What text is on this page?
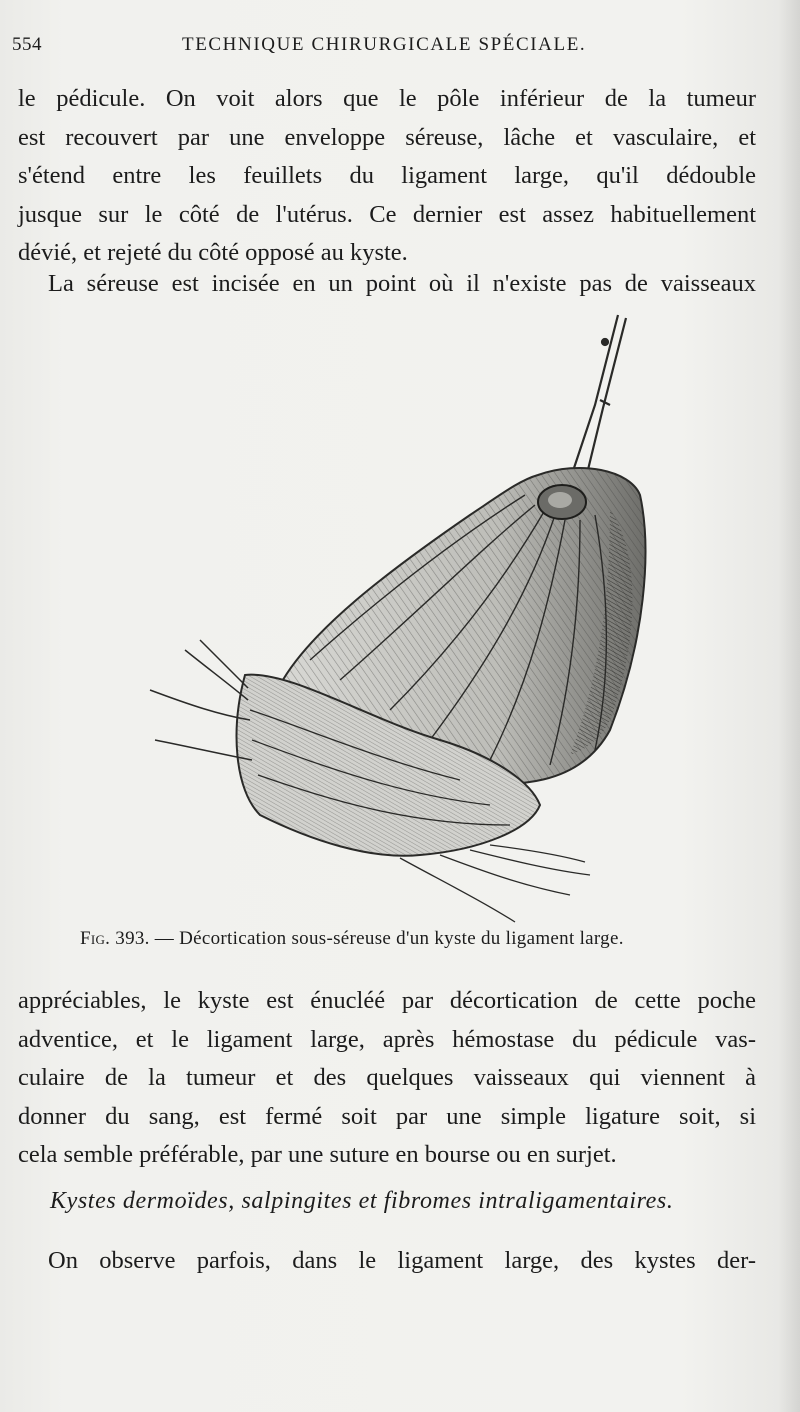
554	TECHNIQUE CHIRURGICALE SPÉCIALE.

le pédicule. On voit alors que le pôle inférieur de la tumeur
est recouvert par une enveloppe séreuse, lâche et vasculaire, et
s'étend entre les feuillets du ligament large, qu'il dédouble
jusque sur le côté de l'utérus. Ce dernier est assez habituellement
dévié, et rejeté du côté opposé au kyste.

La séreuse est incisée en un point où il n'existe pas de vaisseaux

Fig. 393. — Décortication sous-séreuse d'un kyste du ligament large.

appréciables, le kyste est énucléé par décortication de cette poche
adventice, et le ligament large, après hémostase du pédicule vas-
culaire de la tumeur et des quelques vaisseaux qui viennent à
donner du sang, est fermé soit par une simple ligature soit, si
cela semble préférable, par une suture en bourse ou en surjet.

Kystes dermoïdes, salpingites et fibromes intraligamentaires.

On observe parfois, dans le ligament large, des kystes der-
